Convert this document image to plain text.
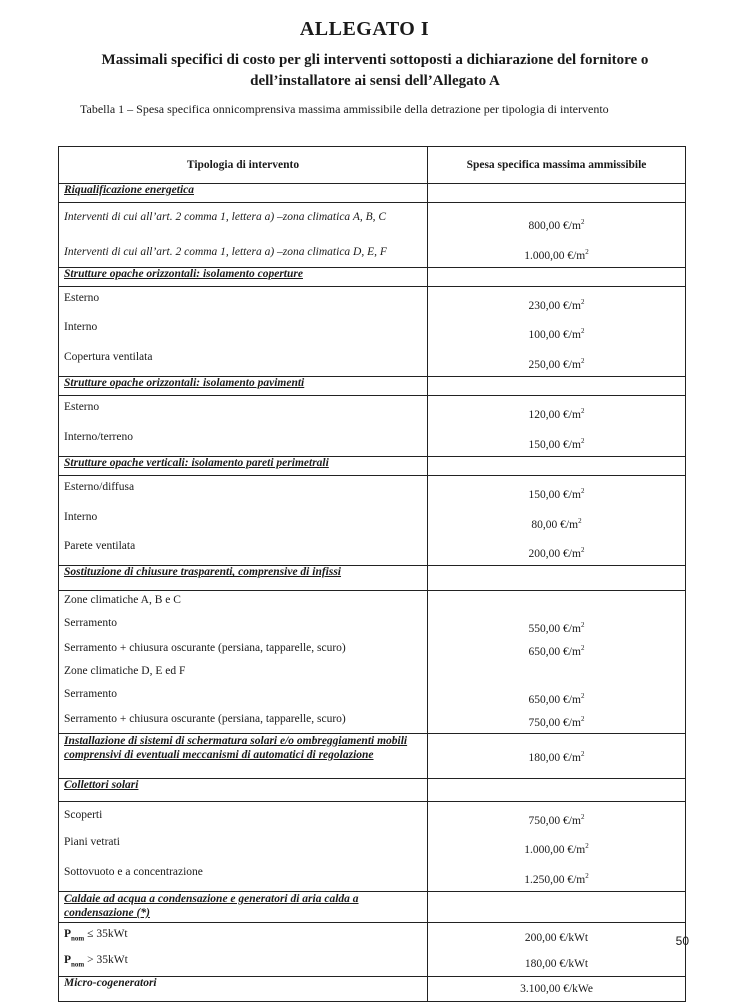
ALLEGATO I
Massimali specifici di costo per gli interventi sottoposti a dichiarazione del fornitore o dell’installatore ai sensi dell’Allegato A
Tabella 1 – Spesa specifica onnicomprensiva massima ammissibile della detrazione per tipologia di intervento
Tipologia di intervento	Spesa specifica massima ammissibile
Riqualificazione energetica	
Interventi di cui all’art. 2 comma 1, lettera a) –zona climatica A, B, C	800,00 $€/m^2$
Interventi di cui all’art. 2 comma 1, lettera a) –zona climatica D, E, F	1.000,00 $€/m^2$
Strutture opache orizzontali: isolamento coperture	
Esterno	230,00 $€/m^2$
Interno	100,00 $€/m^2$
Copertura ventilata	250,00 $€/m^2$
Strutture opache orizzontali: isolamento pavimenti	
Esterno	120,00 $€/m^2$
Interno/terreno	150,00 $€/m^2$
Strutture opache verticali: isolamento pareti perimetrali	
Esterno/diffusa	150,00 $€/m^2$
Interno	80,00 $€/m^2$
Parete ventilata	200,00 $€/m^2$
Sostituzione di chiusure trasparenti, comprensive di infissi	
Zone climatiche A, B e C	
Serramento	550,00 $€/m^2$
Serramento + chiusura oscurante (persiana, tapparelle, scuro)	650,00 $€/m^2$
Zone climatiche D, E ed F	
Serramento	650,00 $€/m^2$
Serramento + chiusura oscurante (persiana, tapparelle, scuro)	750,00 $€/m^2$
Installazione di sistemi di schermatura solari e/o ombreggiamenti mobili comprensivi di eventuali meccanismi di automatici di regolazione	180,00 $€/m^2$
Collettori solari	
Scoperti	750,00 $€/m^2$
Piani vetrati	1.000,00 $€/m^2$
Sottovuoto e a concentrazione	1.250,00 $€/m^2$
Caldaie ad acqua a condensazione e generatori di aria calda a condensazione (*)	
$P_{nom} \le 35kWt$	200,00 €/kWt
$P_{nom} > 35kWt$	180,00 €/kWt
Micro-cogeneratori	3.100,00 €/kWe
50
